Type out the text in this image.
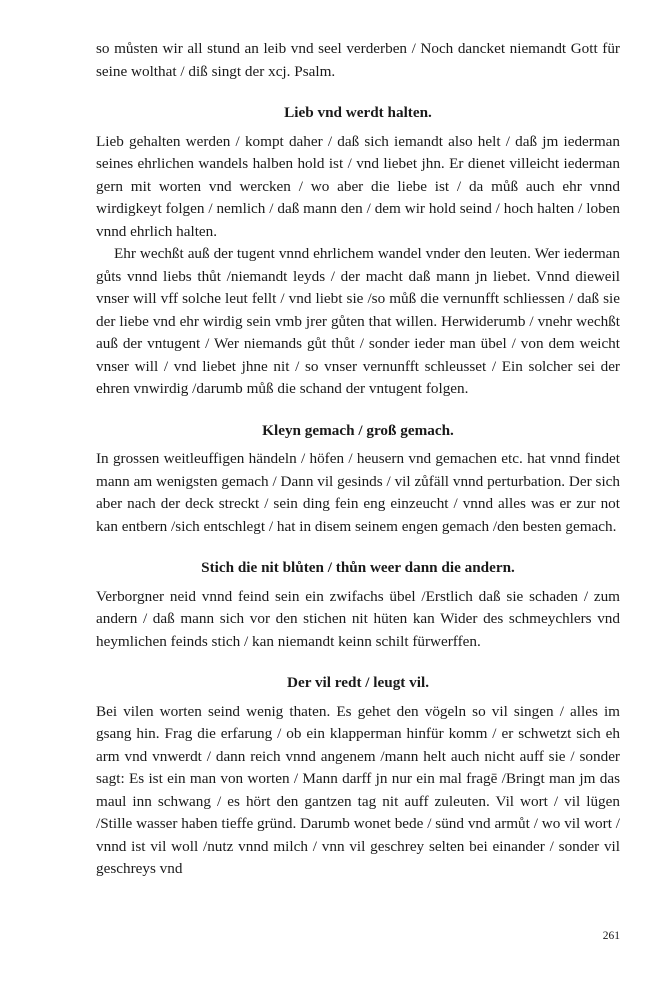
so můsten wir all stund an leib vnd seel verderben / Noch dancket niemandt Gott für seine wolthat / diß singt der xcj. Psalm.

Lieb vnd werdt halten.

Lieb gehalten werden / kompt daher / daß sich iemandt also helt / daß jm iederman seines ehrlichen wandels halben hold ist / vnd liebet jhn. Er dienet villeicht iederman gern mit worten vnd wercken / wo aber die liebe ist / da můß auch ehr vnnd wirdigkeyt folgen / nemlich / daß mann den / dem wir hold seind / hoch halten / loben vnnd ehrlich halten.

Ehr wechßt auß der tugent vnnd ehrlichem wandel vnder den leuten. Wer iederman gůts vnnd liebs thůt /niemandt leyds / der macht daß mann jn liebet. Vnnd dieweil vnser will vff solche leut fellt / vnd liebt sie /so můß die vernunfft schliessen / daß sie der liebe vnd ehr wirdig sein vmb jrer gůten that willen. Herwiderumb / vnehr wechßt auß der vntugent / Wer niemands gůt thůt / sonder ieder man übel / von dem weicht vnser will / vnd liebet jhne nit / so vnser vernunfft schleusset / Ein solcher sei der ehren vnwirdig /darumb můß die schand der vntugent folgen.

Kleyn gemach / groß gemach.

In grossen weitleuffigen händeln / höfen / heusern vnd gemachen etc. hat vnnd findet mann am wenigsten gemach / Dann vil gesinds / vil zůfäll vnnd perturbation. Der sich aber nach der deck streckt / sein ding fein eng einzeucht / vnnd alles was er zur not kan entbern /sich entschlegt / hat in disem seinem engen gemach /den besten gemach.

Stich die nit blůten / thůn weer dann die andern.

Verborgner neid vnnd feind sein ein zwifachs übel /Erstlich daß sie schaden / zum andern / daß mann sich vor den stichen nit hüten kan Wider des schmeychlers vnd heymlichen feinds stich / kan niemandt keinn schilt fürwerffen.

Der vil redt / leugt vil.

Bei vilen worten seind wenig thaten. Es gehet den vögeln so vil singen / alles im gsang hin. Frag die erfarung / ob ein klapperman hinfür komm / er schwetzt sich eh arm vnd vnwerdt / dann reich vnnd angenem /mann helt auch nicht auff sie / sonder sagt: Es ist ein man von worten / Mann darff jn nur ein mal fragē /Bringt man jm das maul inn schwang / es hört den gantzen tag nit auff zuleuten. Vil wort / vil lügen /Stille wasser haben tieffe gründ. Darumb wonet bede / sünd vnd armůt / wo vil wort / vnnd ist vil woll /nutz vnnd milch / vnn vil geschrey selten bei einander / sonder vil geschreys vnd

261
